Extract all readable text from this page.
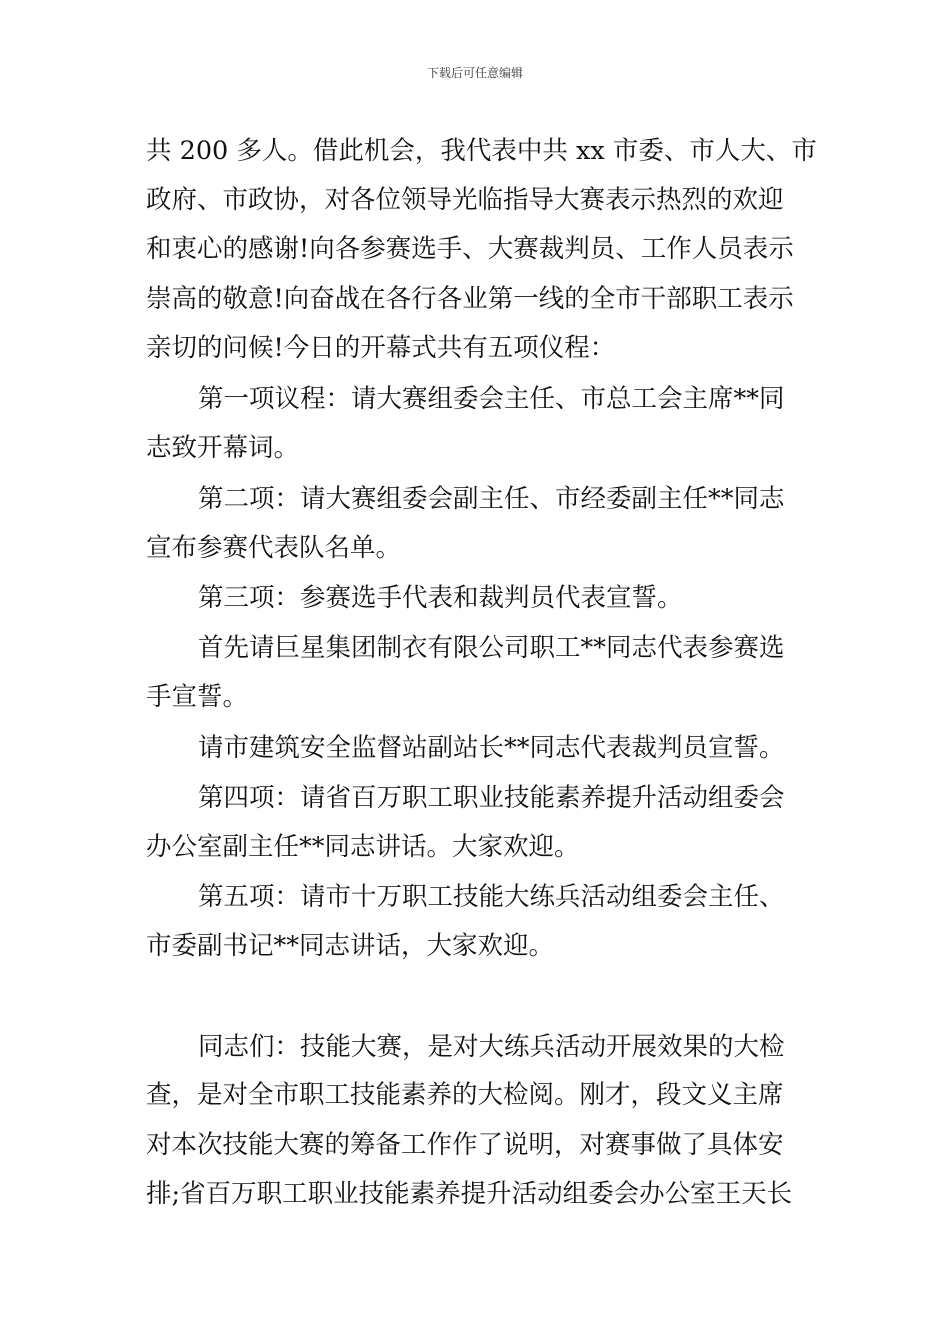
下载后可任意编辑
共 200 多人。借此机会，我代表中共 xx 市委、市人大、市
政府、市政协，对各位领导光临指导大赛表示热烈的欢迎
和衷心的感谢!向各参赛选手、大赛裁判员、工作人员表示
崇高的敬意!向奋战在各行各业第一线的全市干部职工表示
亲切的问候!今日的开幕式共有五项仪程：
第一项议程：请大赛组委会主任、市总工会主席**同
志致开幕词。
第二项：请大赛组委会副主任、市经委副主任**同志
宣布参赛代表队名单。
第三项：参赛选手代表和裁判员代表宣誓。
首先请巨星集团制衣有限公司职工**同志代表参赛选
手宣誓。
请市建筑安全监督站副站长**同志代表裁判员宣誓。
第四项：请省百万职工职业技能素养提升活动组委会
办公室副主任**同志讲话。大家欢迎。
第五项：请市十万职工技能大练兵活动组委会主任、
市委副书记**同志讲话，大家欢迎。
同志们：技能大赛，是对大练兵活动开展效果的大检
查，是对全市职工技能素养的大检阅。刚才，段文义主席
对本次技能大赛的筹备工作作了说明，对赛事做了具体安
排;省百万职工职业技能素养提升活动组委会办公室王天长
